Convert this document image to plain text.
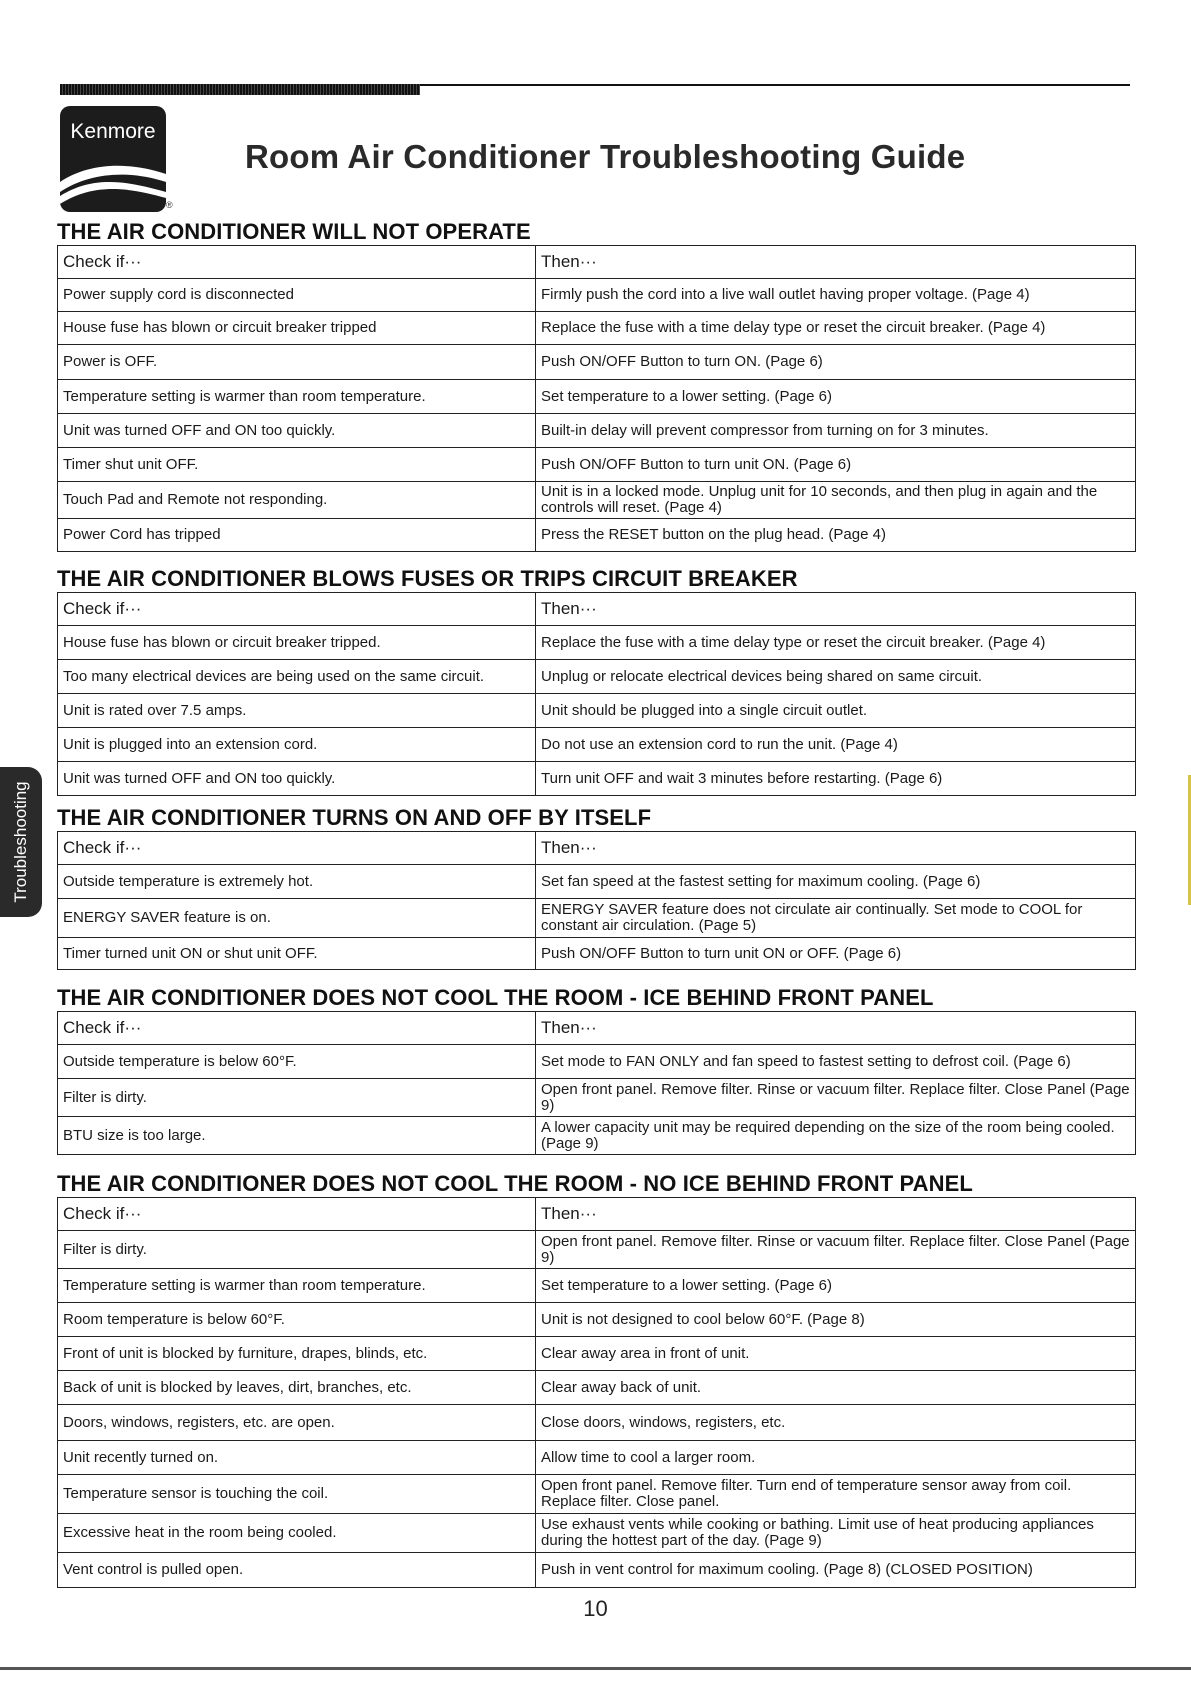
Kenmore
®
Room Air Conditioner Troubleshooting Guide
THE AIR CONDITIONER WILL NOT OPERATE
Check if···	Then···
Power supply cord is disconnected	Firmly push the cord into a live wall outlet having proper voltage. (Page 4)
House fuse has blown or circuit breaker tripped	Replace the fuse with a time delay type or reset the circuit breaker. (Page 4)
Power is OFF.	Push ON/OFF Button to turn ON. (Page 6)
Temperature setting is warmer than room temperature.	Set temperature to a lower setting. (Page 6)
Unit was turned OFF and ON too quickly.	Built-in delay will prevent compressor from turning on for 3 minutes.
Timer shut unit OFF.	Push ON/OFF Button to turn unit ON. (Page 6)
Touch Pad and Remote not responding.	Unit is in a locked mode. Unplug unit for 10 seconds, and then plug in again and the controls will reset. (Page 4)
Power Cord has tripped	Press the RESET button on the plug head. (Page 4)
THE AIR CONDITIONER BLOWS FUSES OR TRIPS CIRCUIT BREAKER
Check if···	Then···
House fuse has blown or circuit breaker tripped.	Replace the fuse with a time delay type or reset the circuit breaker. (Page 4)
Too many electrical devices are being used on the same circuit.	Unplug or relocate electrical devices being shared on same circuit.
Unit is rated over 7.5 amps.	Unit should be plugged into a single circuit outlet.
Unit is plugged into an extension cord.	Do not use an extension cord to run the unit. (Page 4)
Unit was turned OFF and ON too quickly.	Turn unit OFF and wait 3 minutes before restarting. (Page 6)
THE AIR CONDITIONER TURNS ON AND OFF BY ITSELF
Check if···	Then···
Outside temperature is extremely hot.	Set fan speed at the fastest setting for maximum cooling. (Page 6)
ENERGY SAVER feature is on.	ENERGY SAVER feature does not circulate air continually. Set mode to COOL for constant air circulation. (Page 5)
Timer turned unit ON or shut unit OFF.	Push ON/OFF Button to turn unit ON or OFF. (Page 6)
THE AIR CONDITIONER DOES NOT COOL THE ROOM - ICE BEHIND FRONT PANEL
Check if···	Then···
Outside temperature is below 60°F.	Set mode to FAN ONLY and fan speed to fastest setting to defrost coil. (Page 6)
Filter is dirty.	Open front panel. Remove filter. Rinse or vacuum filter. Replace filter. Close Panel (Page 9)
BTU size is too large.	A lower capacity unit may be required depending on the size of the room being cooled. (Page 9)
THE AIR CONDITIONER DOES NOT COOL THE ROOM - NO ICE BEHIND FRONT PANEL
Check if···	Then···
Filter is dirty.	Open front panel. Remove filter. Rinse or vacuum filter. Replace filter. Close Panel (Page 9)
Temperature setting is warmer than room temperature.	Set temperature to a lower setting. (Page 6)
Room temperature is below 60°F.	Unit is not designed to cool below 60°F. (Page 8)
Front of unit is blocked by furniture, drapes, blinds, etc.	Clear away area in front of unit.
Back of unit is blocked by leaves, dirt, branches, etc.	Clear away back of unit.
Doors, windows, registers, etc. are open.	Close doors, windows, registers, etc.
Unit recently turned on.	Allow time to cool a larger room.
Temperature sensor is touching the coil.	Open front panel. Remove filter. Turn end of temperature sensor away from coil. Replace filter. Close panel.
Excessive heat in the room being cooled.	Use exhaust vents while cooking or bathing. Limit use of heat producing appliances during the hottest part of the day. (Page 9)
Vent control is pulled open.	Push in vent control for maximum cooling. (Page 8) (CLOSED POSITION)
Troubleshooting
10
